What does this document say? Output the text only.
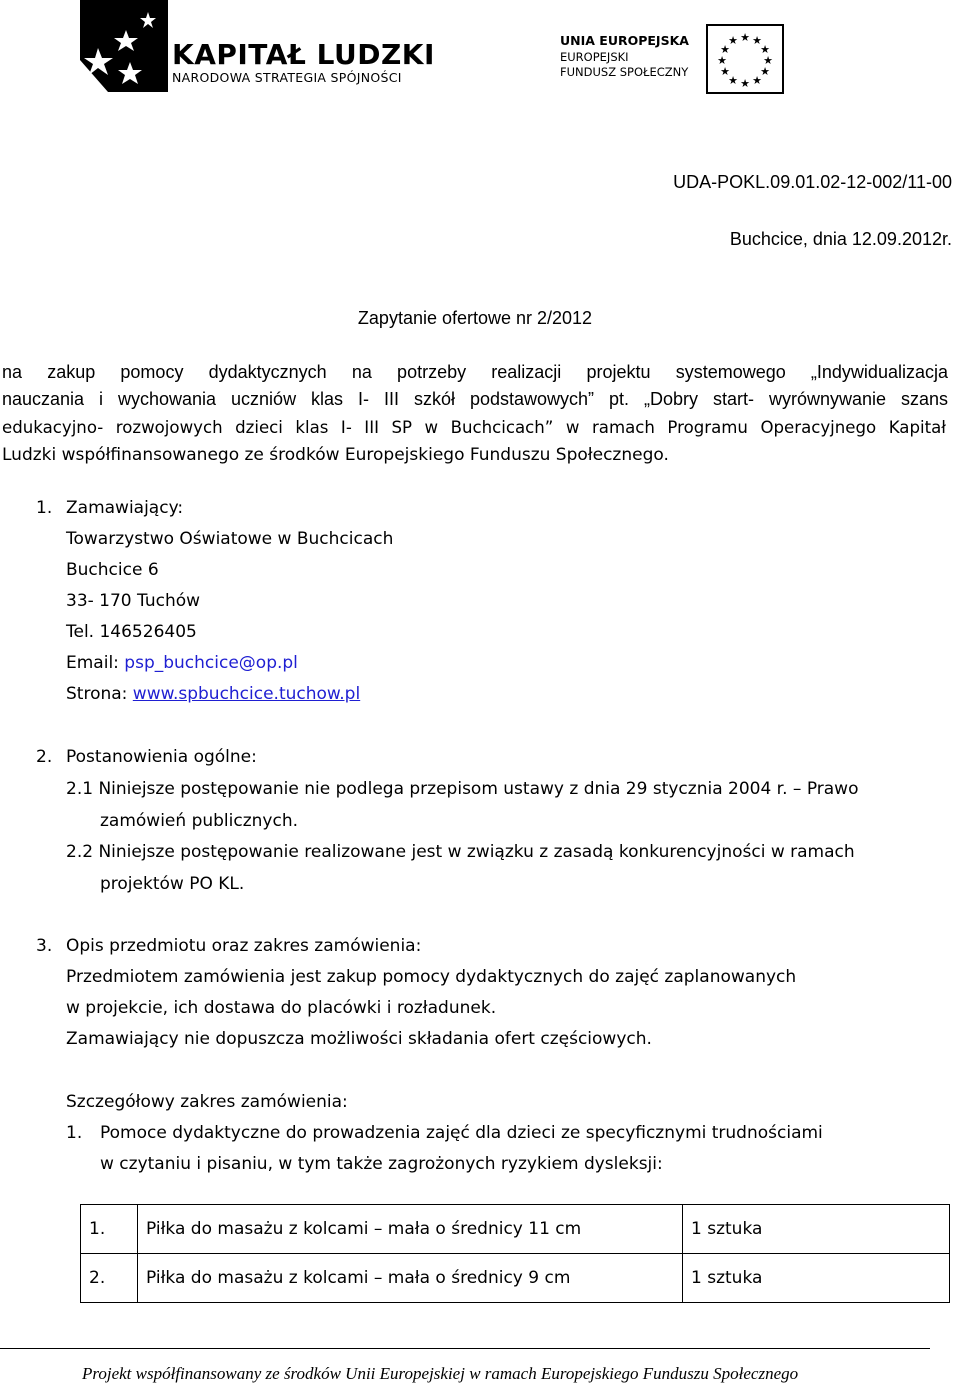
KAPITAŁ LUDZKI
NARODOWA STRATEGIA SPÓJNOŚCI
UNIA EUROPEJSKA
EUROPEJSKI
FUNDUSZ SPOŁECZNY
★ ★
★
★
★
★
★
★
★
★
★
★
UDA-POKL.09.01.02-12-002/11-00
Buchcice, dnia 12.09.2012r.
Zapytanie ofertowe nr 2/2012
na zakup pomocy dydaktycznych na potrzeby realizacji projektu systemowego „Indywidualizacja
nauczania i wychowania uczniów klas I- III szkół podstawowych” pt. „Dobry start- wyrównywanie szans
edukacyjno- rozwojowych dzieci klas I- III SP w Buchcicach” w ramach Programu Operacyjnego Kapitał
Ludzki współfinansowanego ze środków Europejskiego Funduszu Społecznego.
1. Zamawiający:
Towarzystwo Oświatowe w Buchcicach
Buchcice 6
33- 170 Tuchów
Tel. 146526405
Email: psp_buchcice@op.pl
Strona: www.spbuchcice.tuchow.pl
2. Postanowienia ogólne:
2.1 Niniejsze postępowanie nie podlega przepisom ustawy z dnia 29 stycznia 2004 r. – Prawo
zamówień publicznych.
2.2 Niniejsze postępowanie realizowane jest w związku z zasadą konkurencyjności w ramach
projektów PO KL.
3. Opis przedmiotu oraz zakres zamówienia:
Przedmiotem zamówienia jest zakup pomocy dydaktycznych do zajęć zaplanowanych
w projekcie, ich dostawa do placówki i rozładunek.
Zamawiający nie dopuszcza możliwości składania ofert częściowych.
Szczegółowy zakres zamówienia:
1. Pomoce dydaktyczne do prowadzenia zajęć dla dzieci ze specyficznymi trudnościami
w czytaniu i pisaniu, w tym także zagrożonych ryzykiem dysleksji:
1.	Piłka do masażu z kolcami – mała o średnicy 11 cm	1 sztuka
2.	Piłka do masażu z kolcami – mała o średnicy 9 cm	1 sztuka
Projekt współfinansowany ze środków Unii Europejskiej w ramach Europejskiego Funduszu Społecznego
